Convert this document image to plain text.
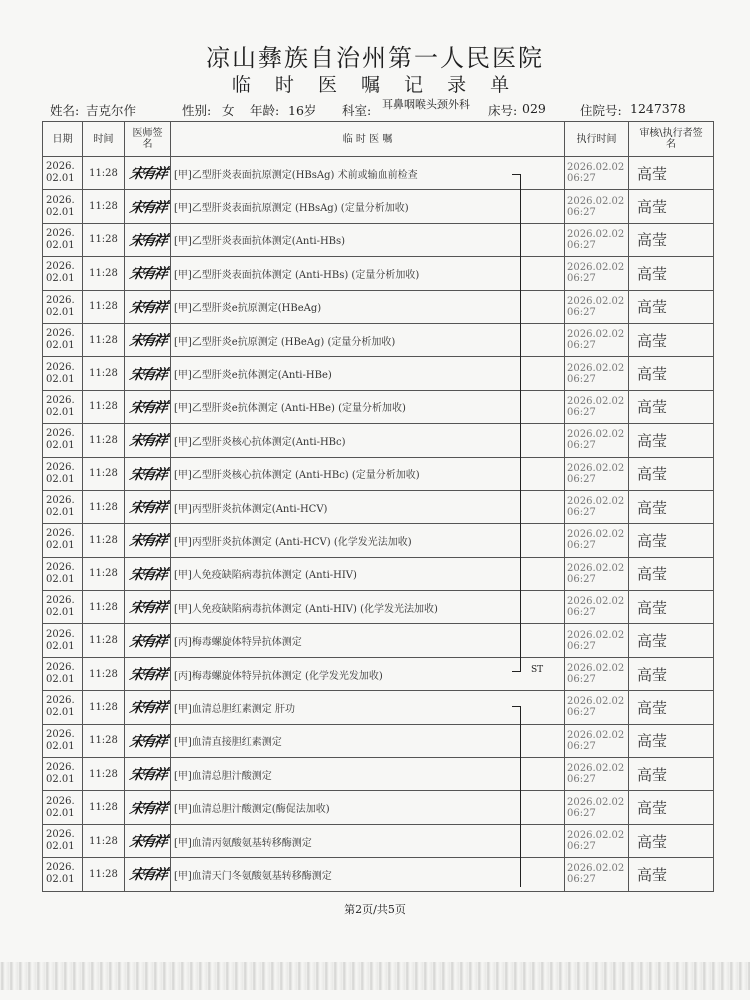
凉山彝族自治州第一人民医院
临 时 医 嘱 记 录 单
姓名: 吉克尔作	性别: 女 年龄: 16岁 科室: 耳鼻咽喉头颈外科	床号: 029	住院号: 1247378
日期	时间	医师签名	临 时 医 嘱	执行时间	审核\执行者签名
2026.
02.01	11:28	宋有祥	[甲]乙型肝炎表面抗原测定(HBsAg) 术前或输血前检查	2026.02.02
06:27	高莹
2026.
02.01	11:28	宋有祥	[甲]乙型肝炎表面抗原测定 (HBsAg) (定量分析加收)	2026.02.02
06:27	高莹
2026.
02.01	11:28	宋有祥	[甲]乙型肝炎表面抗体测定(Anti-HBs)	2026.02.02
06:27	高莹
2026.
02.01	11:28	宋有祥	[甲]乙型肝炎表面抗体测定 (Anti-HBs) (定量分析加收)	2026.02.02
06:27	高莹
2026.
02.01	11:28	宋有祥	[甲]乙型肝炎e抗原测定(HBeAg)	2026.02.02
06:27	高莹
2026.
02.01	11:28	宋有祥	[甲]乙型肝炎e抗原测定 (HBeAg) (定量分析加收)	2026.02.02
06:27	高莹
2026.
02.01	11:28	宋有祥	[甲]乙型肝炎e抗体测定(Anti-HBe)	2026.02.02
06:27	高莹
2026.
02.01	11:28	宋有祥	[甲]乙型肝炎e抗体测定 (Anti-HBe) (定量分析加收)	2026.02.02
06:27	高莹
2026.
02.01	11:28	宋有祥	[甲]乙型肝炎核心抗体测定(Anti-HBc)	2026.02.02
06:27	高莹
2026.
02.01	11:28	宋有祥	[甲]乙型肝炎核心抗体测定 (Anti-HBc) (定量分析加收)	2026.02.02
06:27	高莹
2026.
02.01	11:28	宋有祥	[甲]丙型肝炎抗体测定(Anti-HCV)	2026.02.02
06:27	高莹
2026.
02.01	11:28	宋有祥	[甲]丙型肝炎抗体测定 (Anti-HCV) (化学发光法加收)	2026.02.02
06:27	高莹
2026.
02.01	11:28	宋有祥	[甲]人免疫缺陷病毒抗体测定 (Anti-HIV)	2026.02.02
06:27	高莹
2026.
02.01	11:28	宋有祥	[甲]人免疫缺陷病毒抗体测定 (Anti-HIV) (化学发光法加收)	2026.02.02
06:27	高莹
2026.
02.01	11:28	宋有祥	[丙]梅毒螺旋体特异抗体测定	2026.02.02
06:27	高莹
2026.
02.01	11:28	宋有祥	[丙]梅毒螺旋体特异抗体测定 (化学发光发加收)	2026.02.02
06:27	高莹
2026.
02.01	11:28	宋有祥	[甲]血清总胆红素测定 肝功	2026.02.02
06:27	高莹
2026.
02.01	11:28	宋有祥	[甲]血清直接胆红素测定	2026.02.02
06:27	高莹
2026.
02.01	11:28	宋有祥	[甲]血清总胆汁酸测定	2026.02.02
06:27	高莹
2026.
02.01	11:28	宋有祥	[甲]血清总胆汁酸测定(酶促法加收)	2026.02.02
06:27	高莹
2026.
02.01	11:28	宋有祥	[甲]血清丙氨酸氨基转移酶测定	2026.02.02
06:27	高莹
2026.
02.01	11:28	宋有祥	[甲]血清天门冬氨酸氨基转移酶测定	2026.02.02
06:27	高莹
ST
第2页/共5页
